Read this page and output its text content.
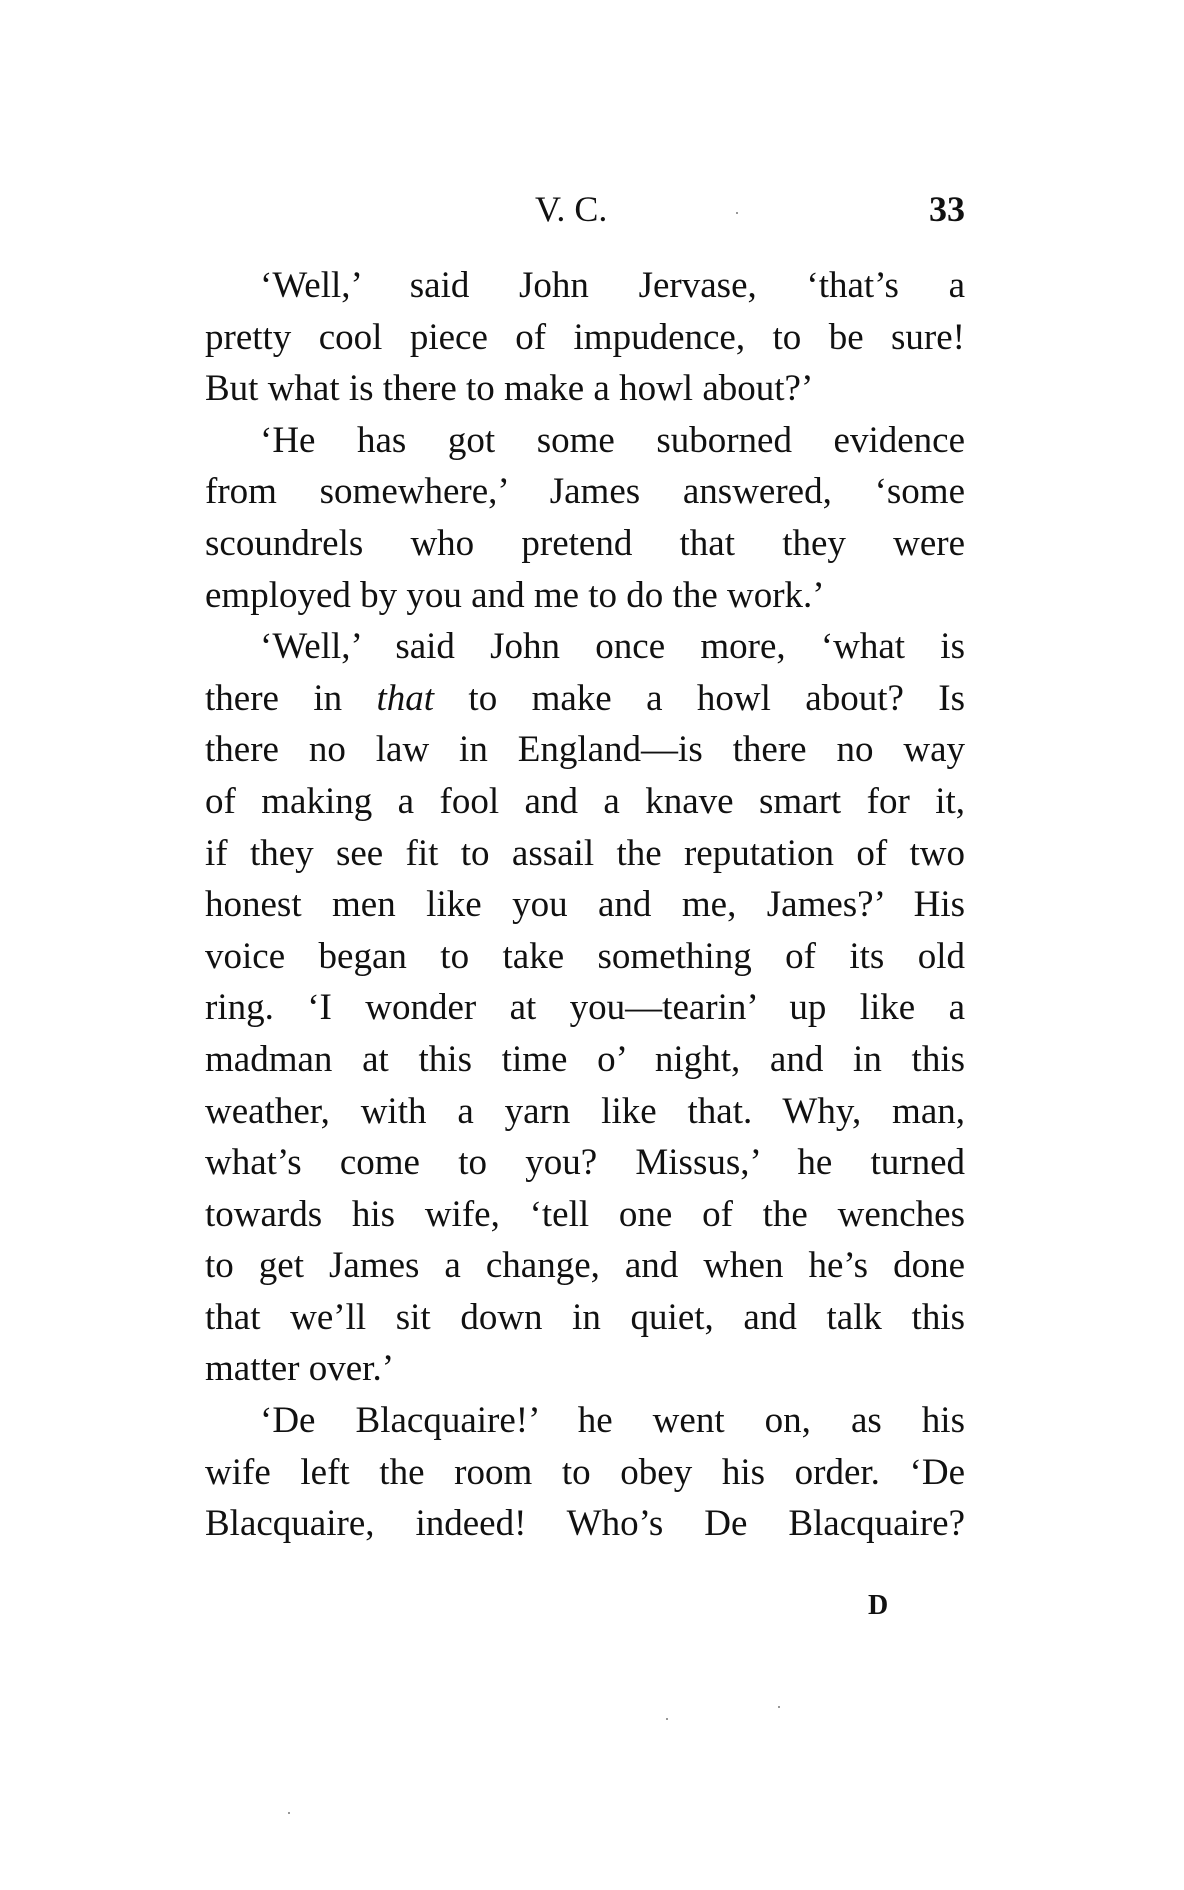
V. C.	33
‘Well,’ said John Jervase, ‘that’s a
pretty cool piece of impudence, to be sure!
But what is there to make a howl about?’
‘He has got some suborned evidence
from somewhere,’ James answered, ‘some
scoundrels who pretend that they were
employed by you and me to do the work.’
‘Well,’ said John once more, ‘what is
there in that to make a howl about? Is
there no law in England—is there no way
of making a fool and a knave smart for it,
if they see fit to assail the reputation of two
honest men like you and me, James?’ His
voice began to take something of its old
ring. ‘I wonder at you—tearin’ up like a
madman at this time o’ night, and in this
weather, with a yarn like that. Why, man,
what’s come to you? Missus,’ he turned
towards his wife, ‘tell one of the wenches
to get James a change, and when he’s done
that we’ll sit down in quiet, and talk this
matter over.’
‘De Blacquaire!’ he went on, as his
wife left the room to obey his order. ‘De
Blacquaire, indeed! Who’s De Blacquaire?
D
